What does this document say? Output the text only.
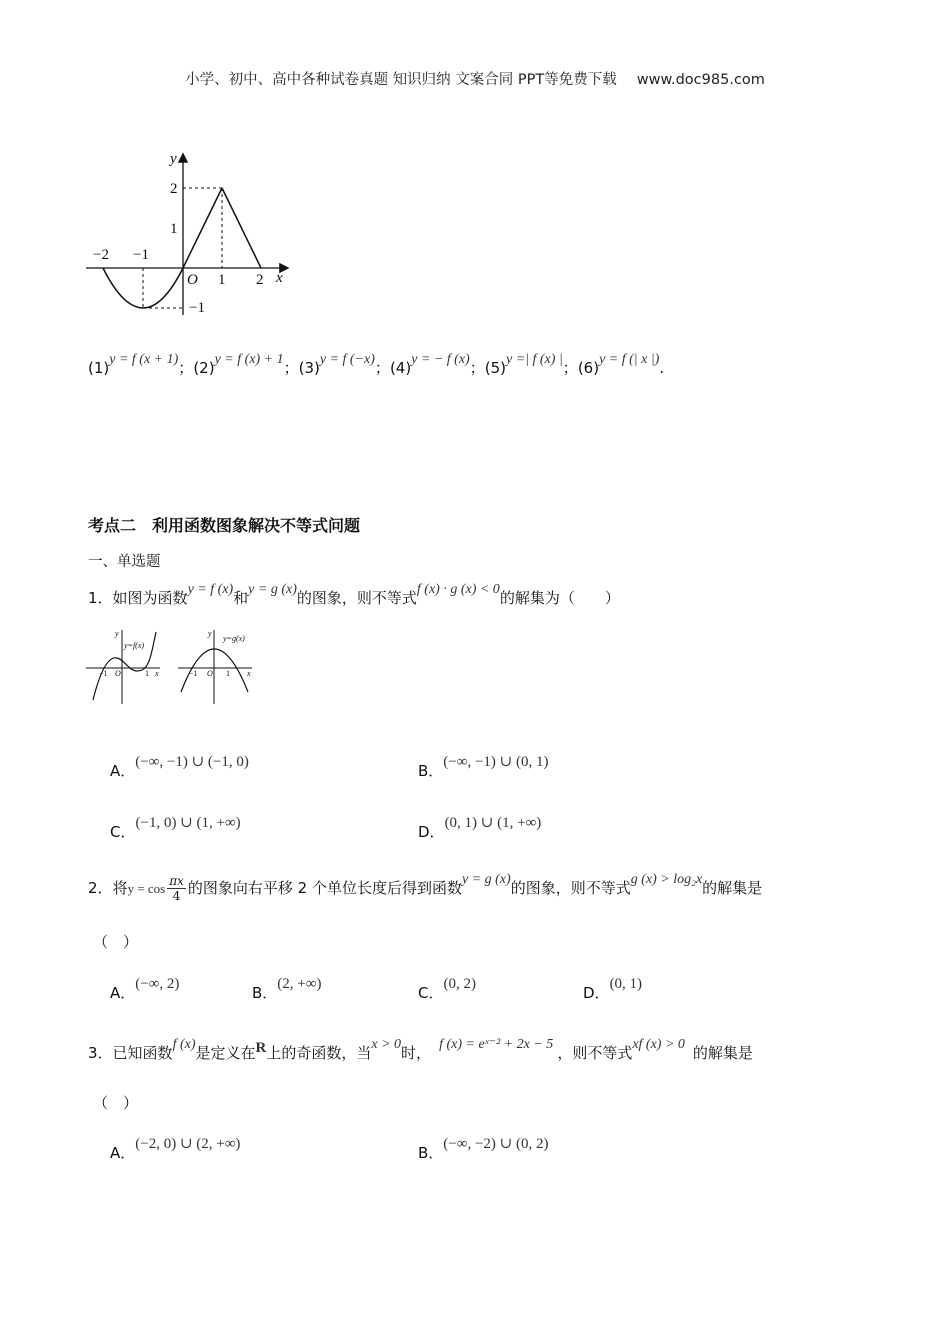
小学、初中、高中各种试卷真题 知识归纳 文案合同 PPT等免费下载 www.doc985.com
y
x
O
−2 −1
1 2
2
1
−1
(1)y = f (x + 1)；(2)y = f (x) + 1；(3)y = f (−x)；(4)y = − f (x)；(5)y =| f (x) |；(6)y = f (| x |).
考点二　利用函数图象解决不等式问题
一、单选题
1．如图为函数y = f (x)和y = g (x)的图象，则不等式f (x) · g (x) < 0的解集为（　　）
y
y=f(x)
x
O
−1	1
y
y=g(x)
x
O
−1	1
A．(−∞, −1) ∪ (−1, 0)	B．(−∞, −1) ∪ (0, 1)
C．(−1, 0) ∪ (1, +∞)	D．(0, 1) ∪ (1, +∞)
2．将$y = \cos \frac{\pi x}{4}$ 的图象向右平移 2 个单位长度后得到函数y = g (x)的图象，则不等式g (x) > log₂x的解集是
（　）
A．(−∞, 2)	B．(2, +∞)	C．(0, 2)	D．(0, 1)
3．已知函数f (x)是定义在R上的奇函数，当x > 0时， f (x) = eˣ⁻² + 2x − 5 ，则不等式xf (x) > 0 的解集是
（　）
A．(−2, 0) ∪ (2, +∞)	B．(−∞, −2) ∪ (0, 2)
